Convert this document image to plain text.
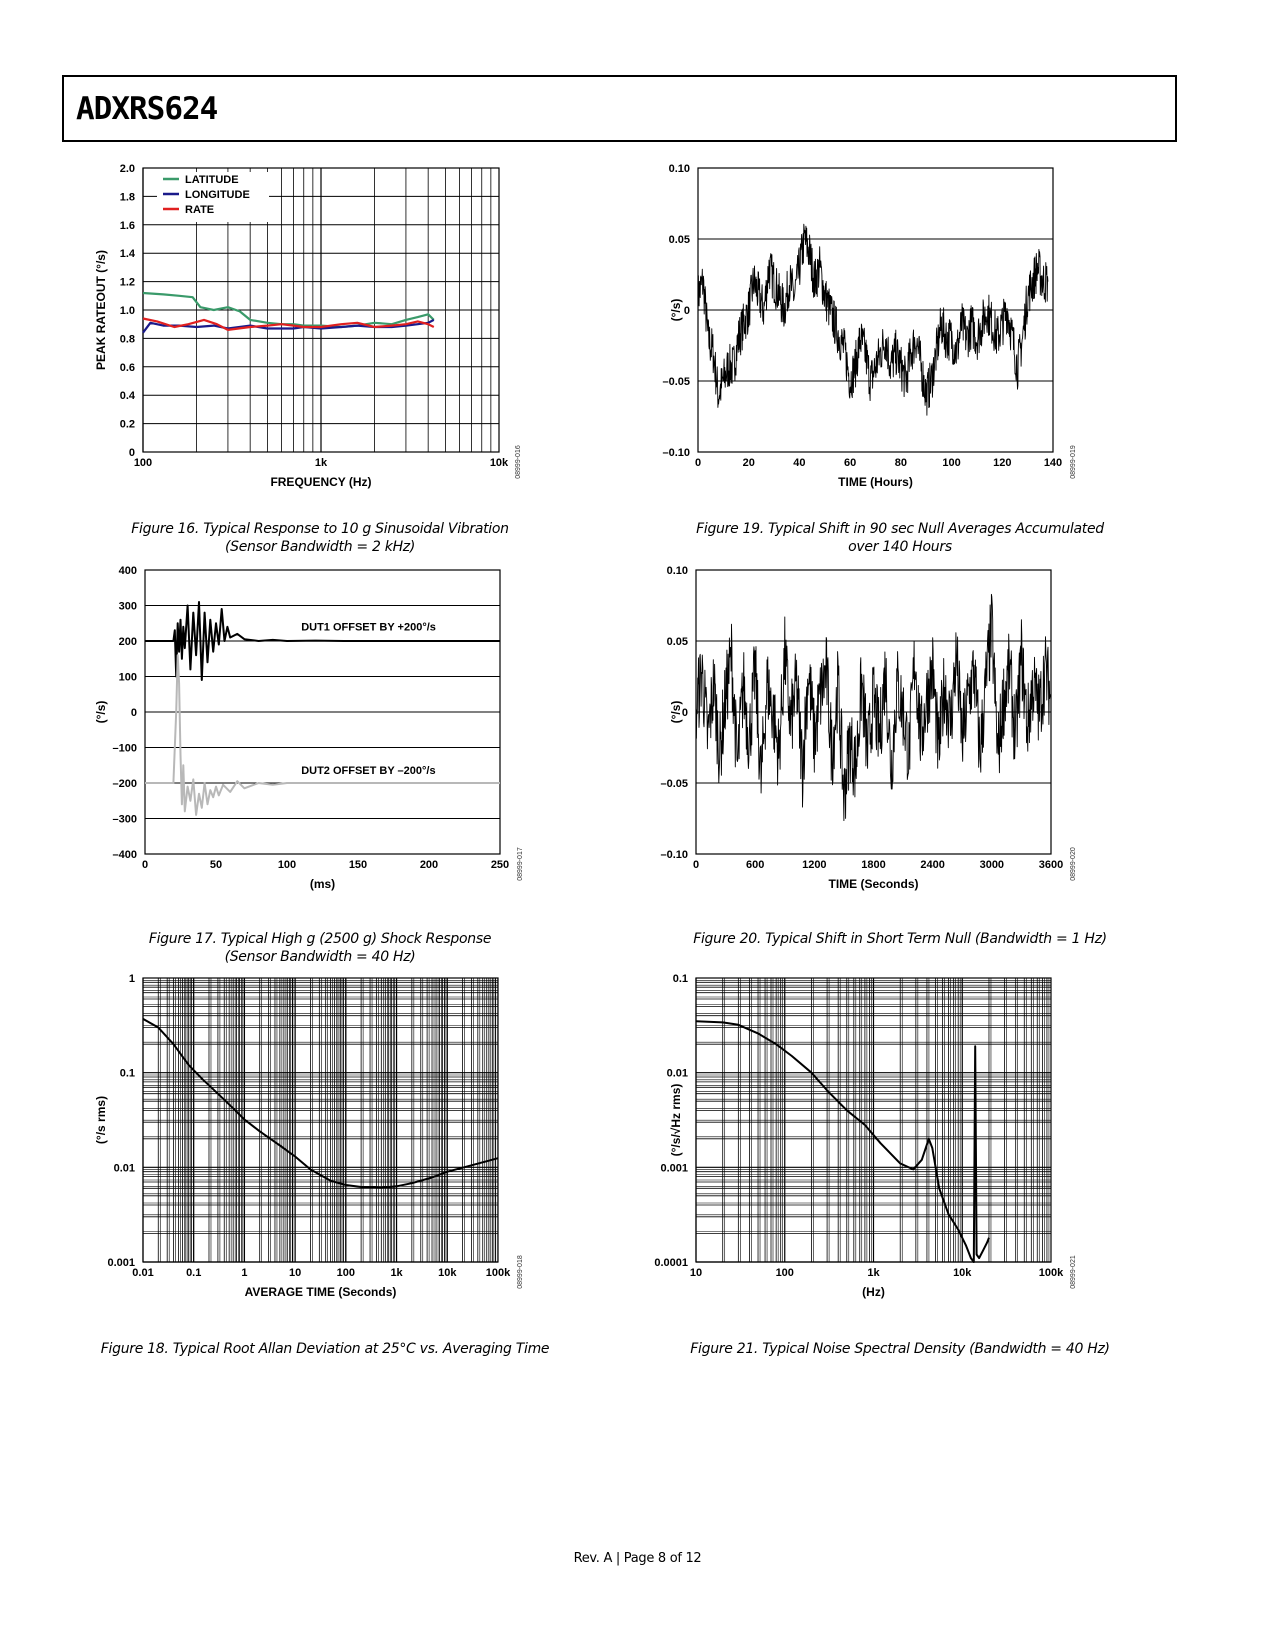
ADXRS624
100	1k	10k
0
0.2
0.4
0.6
0.8
1.0
1.2
1.4
1.6
1.8
2.0
FREQUENCY (Hz)
PEAK RATEOUT (°/s)
08999-016
LATITUDE
LONGITUDE
RATE
Figure 16. Typical Response to 10 g Sinusoidal Vibration
(Sensor Bandwidth = 2 kHz)
0	20	40	60	80	100	120	140
–0.10
–0.05
0
0.05
0.10
TIME (Hours)
(°/s)
08999-019
Figure 19. Typical Shift in 90 sec Null Averages Accumulated
over 140 Hours
0	50	100	150	200	250
–400
–300
–200
–100
0
100
200
300
400
(ms)
(°/s)
08999-017
DUT1 OFFSET BY +200°/s
DUT2 OFFSET BY –200°/s
Figure 17. Typical High g (2500 g) Shock Response
(Sensor Bandwidth = 40 Hz)
0	600	1200	1800	2400	3000	3600
–0.10
–0.05
0
0.05
0.10
TIME (Seconds)
(°/s)
08999-020
Figure 20. Typical Shift in Short Term Null (Bandwidth = 1 Hz)
0.01	0.1	1	10	100	1k	10k	100k
0.001
0.01
0.1
1
AVERAGE TIME (Seconds)
(°/s rms)
08999-018
Figure 18. Typical Root Allan Deviation at 25°C vs. Averaging Time
10	100	1k	10k	100k
0.0001
0.001
0.01
0.1
(Hz)
(°/s/√Hz rms)
08999-021
Figure 21. Typical Noise Spectral Density (Bandwidth = 40 Hz)
Rev. A | Page 8 of 12
